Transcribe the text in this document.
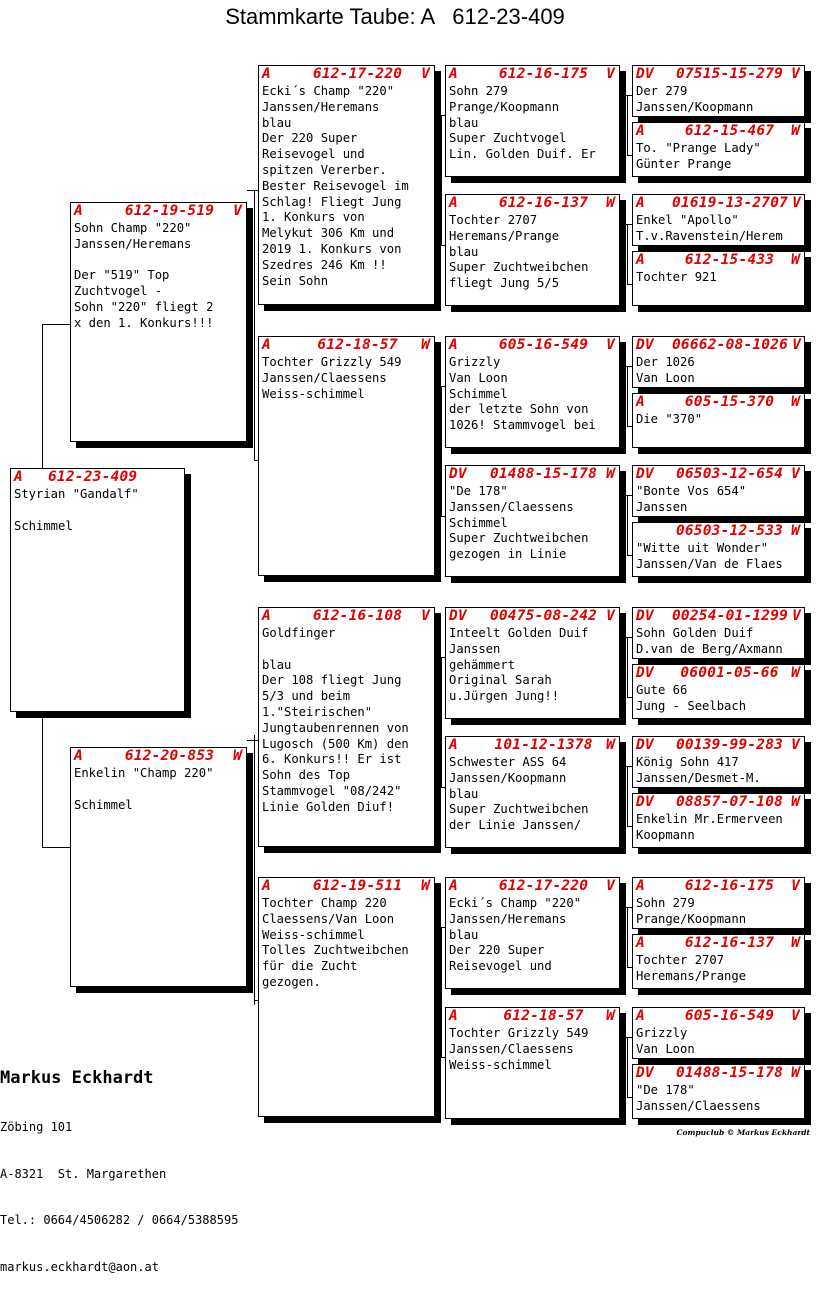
Stammkarte Taube: A   612-23-409
A	612-23-409
Styrian "Gandalf"
Schimmel
A	612-19-519	V
Sohn Champ "220"
Janssen/Heremans
Der "519" Top
Zuchtvogel -
Sohn "220" fliegt 2
x den 1. Konkurs!!!
A	612-20-853	W
Enkelin "Champ 220"
Schimmel
A	612-17-220	V
Ecki´s Champ "220"
Janssen/Heremans
blau
Der 220 Super
Reisevogel und
spitzen Vererber.
Bester Reisevogel im
Schlag! Fliegt Jung
1. Konkurs von
Melykut 306 Km und
2019 1. Konkurs von
Szedres 246 Km !!
Sein Sohn
A	612-18-57	W
Tochter Grizzly 549
Janssen/Claessens
Weiss-schimmel
A	612-16-108	V
Goldfinger
blau
Der 108 fliegt Jung
5/3 und beim
1."Steirischen"
Jungtaubenrennen von
Lugosch (500 Km) den
6. Konkurs!! Er ist
Sohn des Top
Stammvogel "08/242"
Linie Golden Diuf!
A	612-19-511	W
Tochter Champ 220
Claessens/Van Loon
Weiss-schimmel
Tolles Zuchtweibchen
für die Zucht
gezogen.
A	612-16-175	V
Sohn 279
Prange/Koopmann
blau
Super Zuchtvogel
Lin. Golden Duif. Er
A	612-16-137	W
Tochter 2707
Heremans/Prange
blau
Super Zuchtweibchen
fliegt Jung 5/5
A	605-16-549	V
Grizzly
Van Loon
Schimmel
der letzte Sohn von
1026! Stammvogel bei
DV	01488-15-178 W
"De 178"
Janssen/Claessens
Schimmel
Super Zuchtweibchen
gezogen in Linie
DV	00475-08-242 V
Inteelt Golden Duif
Janssen
gehämmert
Original Sarah
u.Jürgen Jung!!
A	101-12-1378 W
Schwester ASS 64
Janssen/Koopmann
blau
Super Zuchtweibchen
der Linie Janssen/
A	612-17-220	V
Ecki´s Champ "220"
Janssen/Heremans
blau
Der 220 Super
Reisevogel und
A	612-18-57	W
Tochter Grizzly 549
Janssen/Claessens
Weiss-schimmel
DV	07515-15-279 V
Der 279
Janssen/Koopmann
A	612-15-467	W
To. "Prange Lady"
Günter Prange
A	01619-13-2707 V
Enkel "Apollo"
T.v.Ravenstein/Herem
A	612-15-433	W
Tochter 921
DV	06662-08-1026 V
Der 1026
Van Loon
A	605-15-370	W
Die "370"
DV	06503-12-654 V
"Bonte Vos 654"
Janssen
06503-12-533 W
"Witte uit Wonder"
Janssen/Van de Flaes
DV	00254-01-1299 V
Sohn Golden Duif
D.van de Berg/Axmann
DV	06001-05-66 W
Gute 66
Jung - Seelbach
DV	00139-99-283 V
König Sohn 417
Janssen/Desmet-M.
DV	08857-07-108 W
Enkelin Mr.Ermerveen
Koopmann
A	612-16-175	V
Sohn 279
Prange/Koopmann
A	612-16-137	W
Tochter 2707
Heremans/Prange
A	605-16-549	V
Grizzly
Van Loon
DV	01488-15-178 W
"De 178"
Janssen/Claessens

Markus Eckhardt

Zöbing 101

A-8321  St. Margarethen

Tel.: 0664/4506282 / 0664/5388595

markus.eckhardt@aon.at

Compuclub © Markus Eckhardt
